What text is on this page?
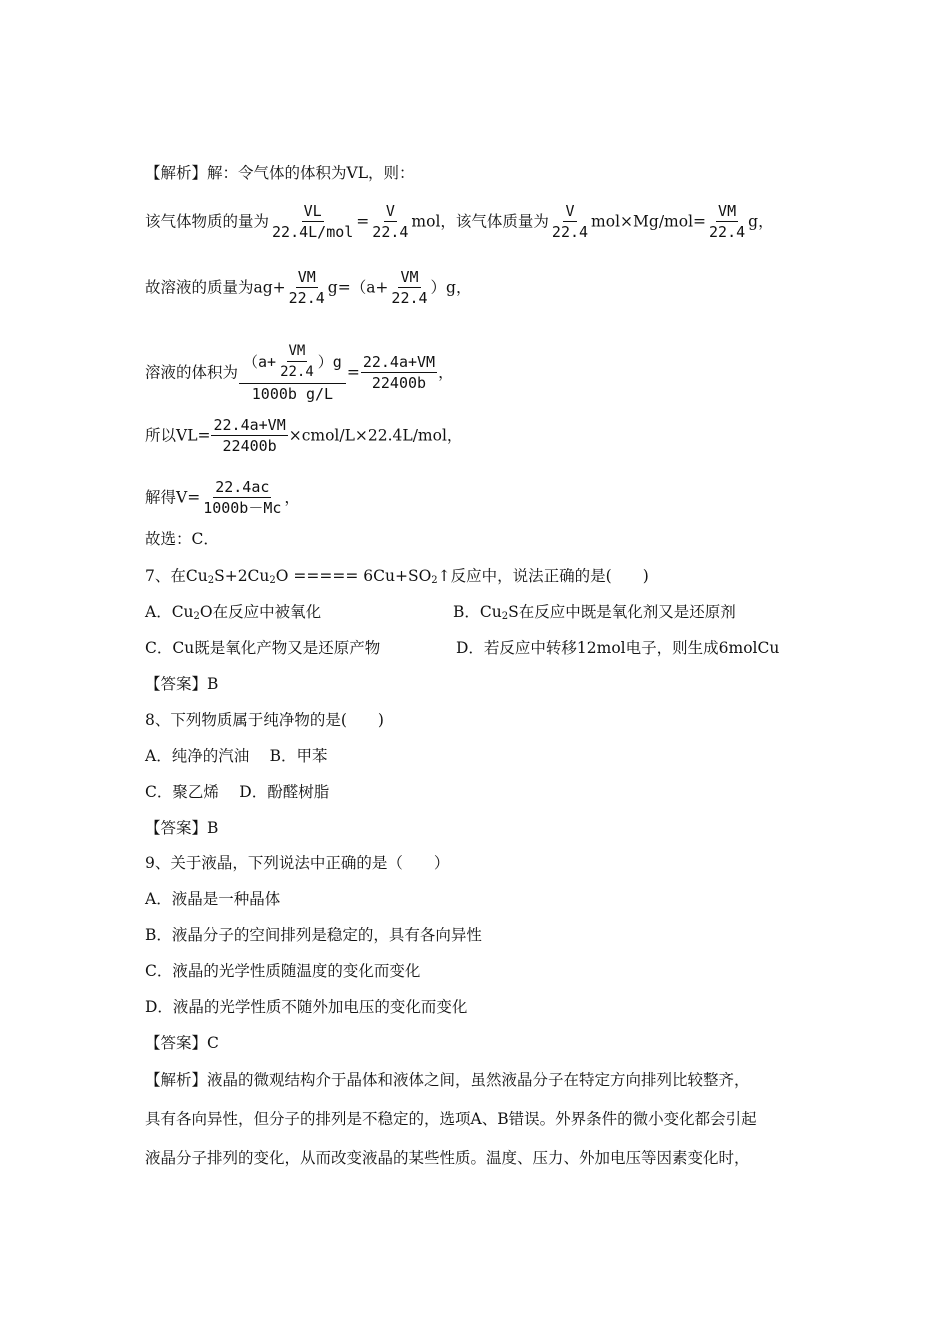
【解析】解：令气体的体积为VL，则：
该气体物质的量为 $\frac{VL}{\text{22.4L/mol}} = \frac{V}{22.4}$ mol，该气体质量为 $\frac{V}{22.4} mol\times Mg/mol= \frac{VM}{22.4}$ g，
故溶液的质量为$ag+ \frac{VM}{22.4} g=(a+ \frac{VM}{22.4} )g$，
溶液的体积为
$(a+ \frac{VM}{22.4} )g$
1000b g/L
= $\frac{22.4a+VM}{22400b}$ ，
所以$VL= \frac{22.4a+VM}{22400b}$ ×cmol/L×22.4L/mol，
解得$V= \frac{22.4ac}{1000b-Mc}$ ，
故选：C．
7、在$Cu_2S+2Cu_2O$ ===== $6Cu+SO_2↑$反应中，说法正确的是(　　)
A．$Cu_2O$在反应中被氧化	B．$Cu_2S$在反应中既是氧化剂又是还原剂
C．Cu既是氧化产物又是还原产物	D．若反应中转移12mol电子，则生成6molCu
【答案】B
8、下列物质属于纯净物的是(　　)
A．纯净的汽油　 B．甲苯
C．聚乙烯　 D．酚醛树脂
【答案】B
9、关于液晶，下列说法中正确的是（　　）
A．液晶是一种晶体
B．液晶分子的空间排列是稳定的，具有各向异性
C．液晶的光学性质随温度的变化而变化
D．液晶的光学性质不随外加电压的变化而变化
【答案】C
【解析】液晶的微观结构介于晶体和液体之间，虽然液晶分子在特定方向排列比较整齐，
具有各向异性，但分子的排列是不稳定的，选项A、B错误。外界条件的微小变化都会引起
液晶分子排列的变化，从而改变液晶的某些性质。温度、压力、外加电压等因素变化时，
